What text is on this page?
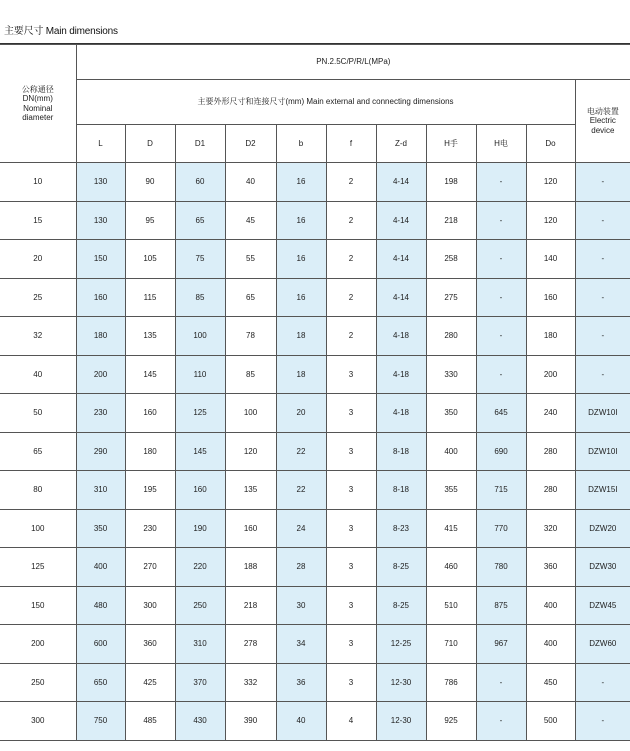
主要尺寸 Main dimensions
公称通径
DN(mm)
Nominal
diameter	PN.2.5C/P/R/L(MPa)										
	主要外形尺寸和连接尺寸(mm) Main external and connecting dimensions										电动装置
Electric
device

	L	D	D1	D2	b	f	Z-d	H手	H电	Do	
10	130	90	60	40	16	2	4-14	198	-	120	-
15	130	95	65	45	16	2	4-14	218	-	120	-
20	150	105	75	55	16	2	4-14	258	-	140	-
25	160	115	85	65	16	2	4-14	275	-	160	-
32	180	135	100	78	18	2	4-18	280	-	180	-
40	200	145	110	85	18	3	4-18	330	-	200	-
50	230	160	125	100	20	3	4-18	350	645	240	DZW10I
65	290	180	145	120	22	3	8-18	400	690	280	DZW10I
80	310	195	160	135	22	3	8-18	355	715	280	DZW15I
100	350	230	190	160	24	3	8-23	415	770	320	DZW20
125	400	270	220	188	28	3	8-25	460	780	360	DZW30
150	480	300	250	218	30	3	8-25	510	875	400	DZW45
200	600	360	310	278	34	3	12-25	710	967	400	DZW60
250	650	425	370	332	36	3	12-30	786	-	450	-
300	750	485	430	390	40	4	12-30	925	-	500	-
